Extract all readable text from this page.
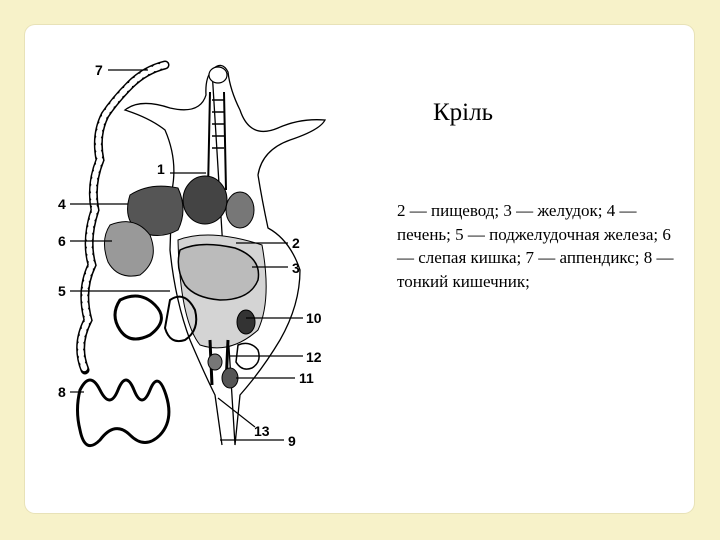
Кріль
2 — пищевод; 3 — желудок; 4 — печень; 5 — поджелудочная железа; 6 — слепая кишка; 7 — аппендикс; 8 — тонкий кишечник;
7
1
4
6	2
3
5
10
12
11
8
13
9
